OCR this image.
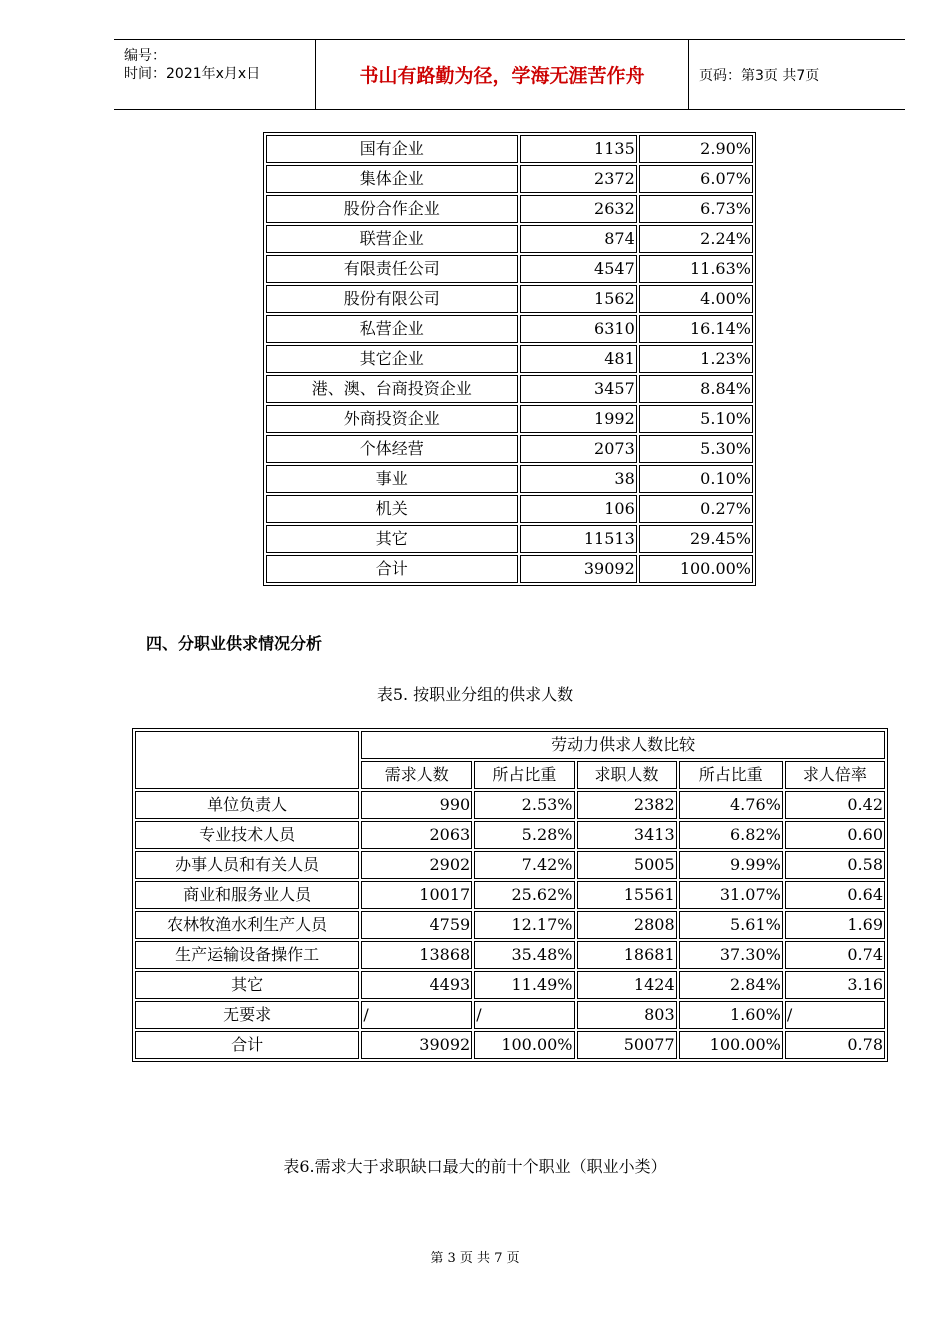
编号：
时间：2021年x月x日	书山有路勤为径，学海无涯苦作舟	页码：第3页 共7页
国有企业	1135	2.90%
集体企业	2372	6.07%
股份合作企业	2632	6.73%
联营企业	874	2.24%
有限责任公司	4547	11.63%
股份有限公司	1562	4.00%
私营企业	6310	16.14%
其它企业	481	1.23%
港、澳、台商投资企业	3457	8.84%
外商投资企业	1992	5.10%
个体经营	2073	5.30%
事业	38	0.10%
机关	106	0.27%
其它	11513	29.45%
合计	39092	100.00%
四、分职业供求情况分析
表5. 按职业分组的供求人数
	劳动力供求人数比较				
	需求人数	所占比重	求职人数	所占比重	求人倍率
单位负责人	990	2.53%	2382	4.76%	0.42
专业技术人员	2063	5.28%	3413	6.82%	0.60
办事人员和有关人员	2902	7.42%	5005	9.99%	0.58
商业和服务业人员	10017	25.62%	15561	31.07%	0.64
农林牧渔水利生产人员	4759	12.17%	2808	5.61%	1.69
生产运输设备操作工	13868	35.48%	18681	37.30%	0.74
其它	4493	11.49%	1424	2.84%	3.16
无要求	/	/	803	1.60%	/
合计	39092	100.00%	50077	100.00%	0.78
表6.需求大于求职缺口最大的前十个职业（职业小类）
第 3 页 共 7 页
